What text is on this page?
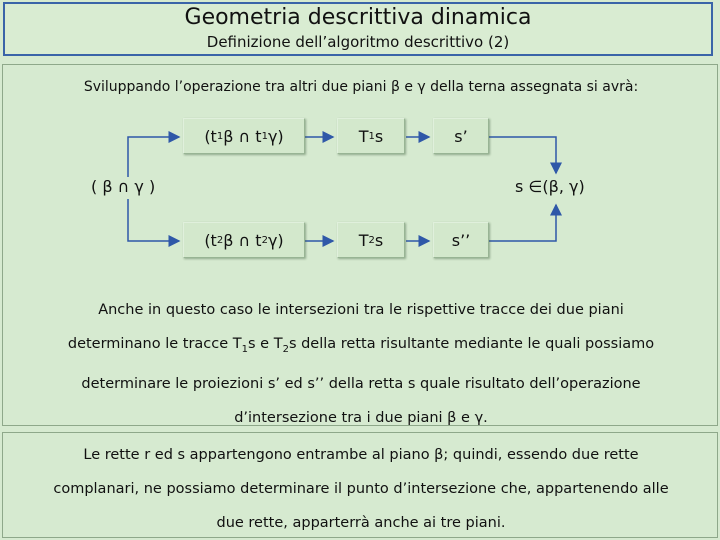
Geometria descrittiva dinamica
Definizione dell’algoritmo descrittivo (2)
Sviluppando l’operazione tra altri due piani β e γ della terna assegnata si avrà:
( β ∩ γ )
(t 1 β ∩ t 1 γ)	T 1 s	s’
(t 2 β ∩ t 2 γ)	T 2 s	s’’
s ∈(β, γ)
Anche in questo caso le intersezioni tra le rispettive tracce dei due piani
determinano le tracce $T_1s$ e $T_2s$ della retta risultante mediante le quali possiamo
determinare le proiezioni s’ ed s’’ della retta s quale risultato dell’operazione
d’intersezione tra i due piani β e γ.
Le rette r ed s appartengono entrambe al piano β; quindi, essendo due rette
complanari, ne possiamo determinare il punto d’intersezione che, appartenendo alle
due rette, apparterrà anche ai tre piani.
